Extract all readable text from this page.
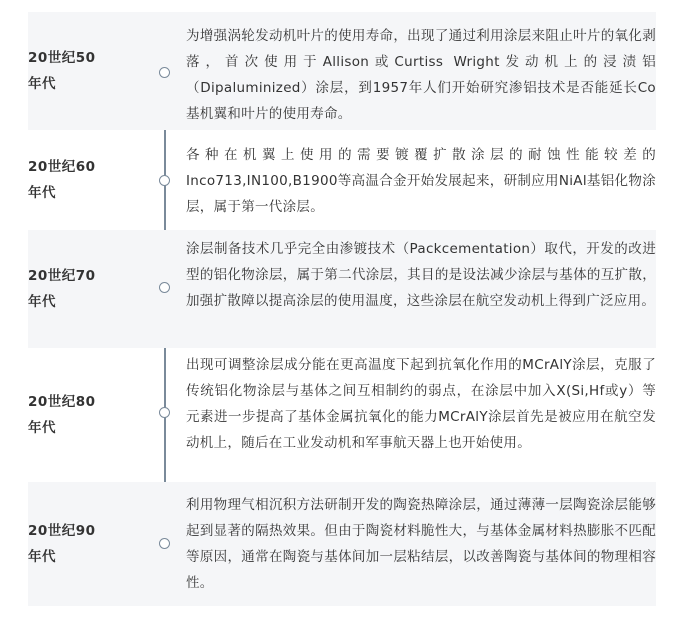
20世纪50
年代
为增强涡轮发动机叶片的使用寿命，出现了通过利用涂层来阻止叶片的氧化剥落，首次使用于Allison或Curtiss Wright发动机上的浸渍铝（Dipaluminized）涂层，到1957年人们开始研究渗铝技术是否能延长Co基机翼和叶片的使用寿命。
20世纪60
年代
各种在机翼上使用的需要镀覆扩散涂层的耐蚀性能较差的Inco713,IN100,B1900等高温合金开始发展起来，研制应用NiAl基铝化物涂层，属于第一代涂层。
20世纪70
年代
涂层制备技术几乎完全由渗镀技术（Packcementation）取代，开发的改进型的铝化物涂层，属于第二代涂层，其目的是设法减少涂层与基体的互扩散，加强扩散障以提高涂层的使用温度，这些涂层在航空发动机上得到广泛应用。
20世纪80
年代
出现可调整涂层成分能在更高温度下起到抗氧化作用的MCrAlY涂层，克服了传统铝化物涂层与基体之间互相制约的弱点，在涂层中加入X(Si,Hf或y）等元素进一步提高了基体金属抗氧化的能力MCrAlY涂层首先是被应用在航空发动机上，随后在工业发动机和军事航天器上也开始使用。
20世纪90
年代
利用物理气相沉积方法研制开发的陶瓷热障涂层，通过薄薄一层陶瓷涂层能够起到显著的隔热效果。但由于陶瓷材料脆性大，与基体金属材料热膨胀不匹配等原因，通常在陶瓷与基体间加一层粘结层，以改善陶瓷与基体间的物理相容性。
